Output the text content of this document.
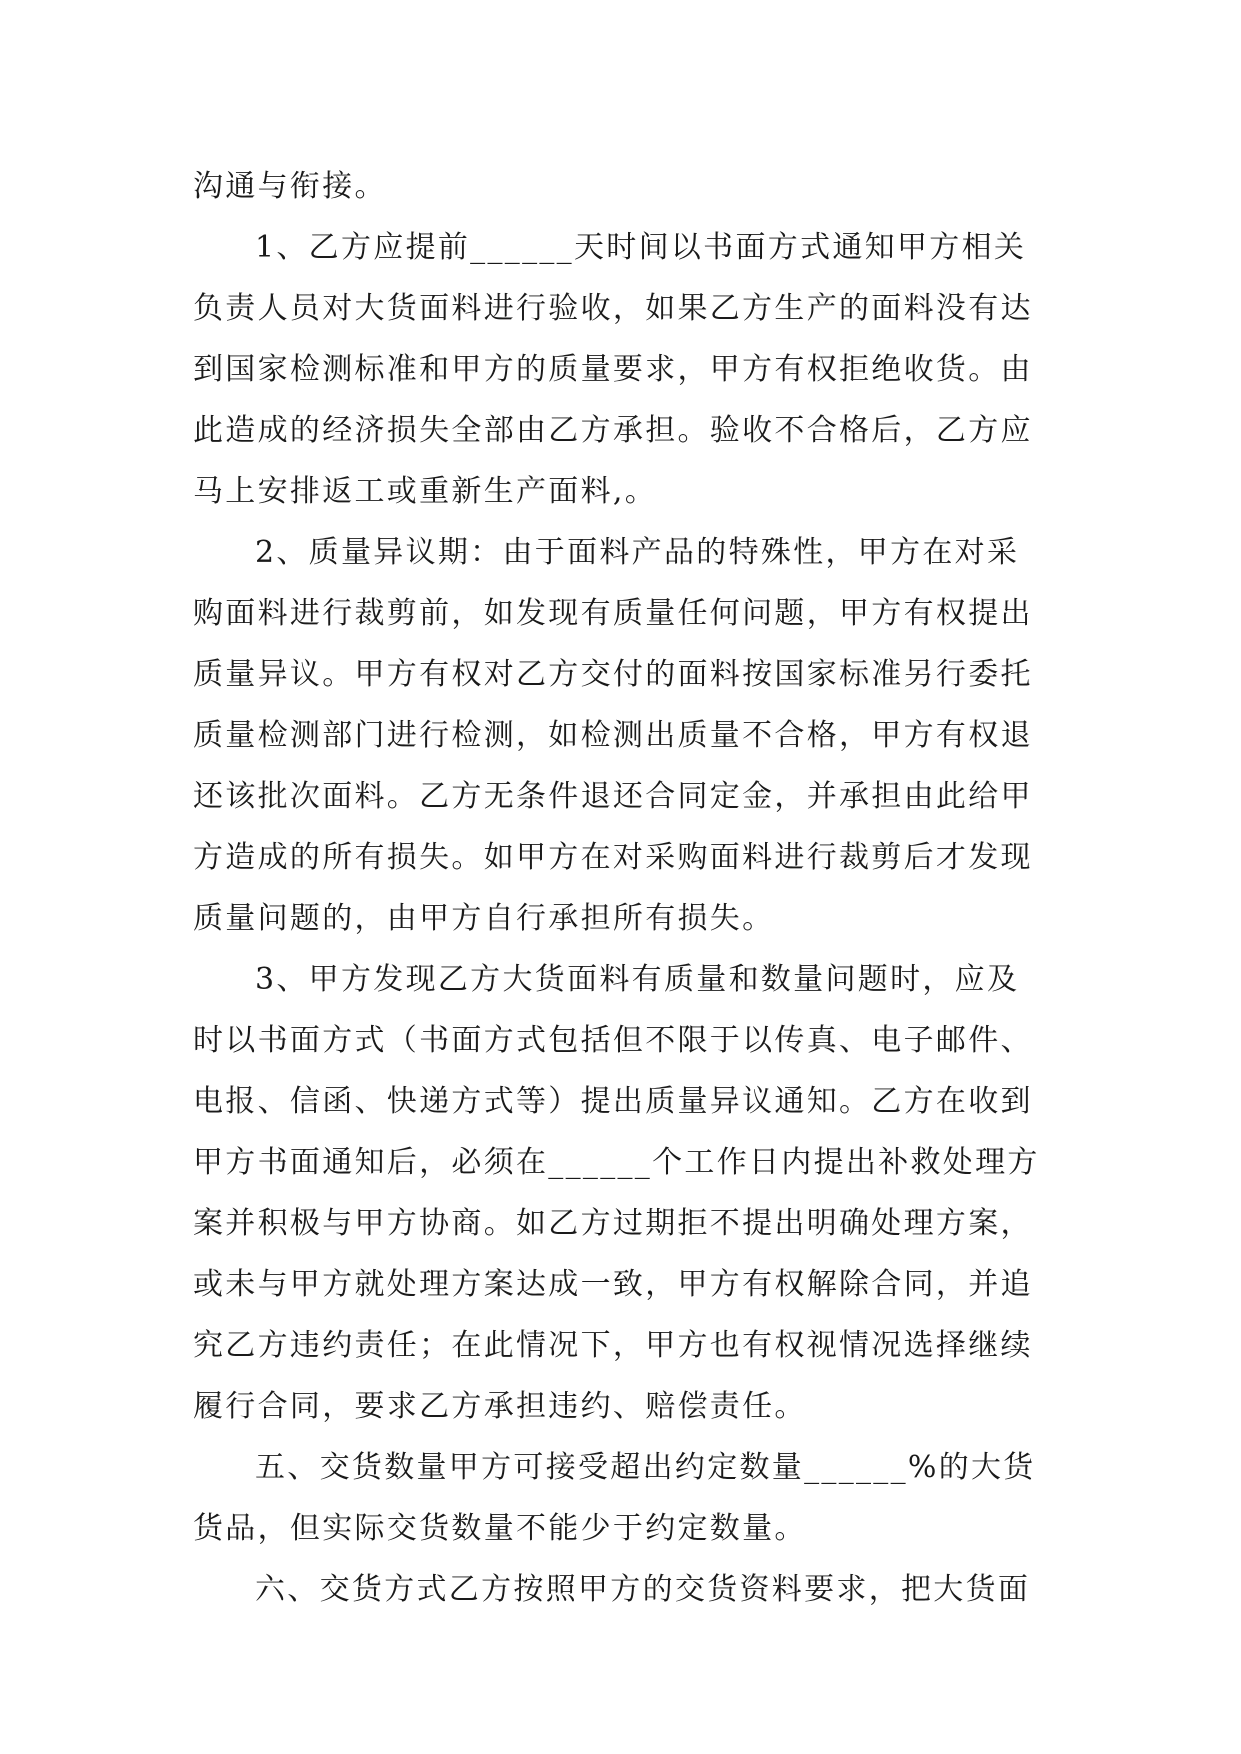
沟通与衔接。
1、乙方应提前______天时间以书面方式通知甲方相关
负责人员对大货面料进行验收，如果乙方生产的面料没有达
到国家检测标准和甲方的质量要求，甲方有权拒绝收货。由
此造成的经济损失全部由乙方承担。验收不合格后，乙方应
马上安排返工或重新生产面料,。
2、质量异议期：由于面料产品的特殊性，甲方在对采
购面料进行裁剪前，如发现有质量任何问题，甲方有权提出
质量异议。甲方有权对乙方交付的面料按国家标准另行委托
质量检测部门进行检测，如检测出质量不合格，甲方有权退
还该批次面料。乙方无条件退还合同定金，并承担由此给甲
方造成的所有损失。如甲方在对采购面料进行裁剪后才发现
质量问题的，由甲方自行承担所有损失。
3、甲方发现乙方大货面料有质量和数量问题时，应及
时以书面方式（书面方式包括但不限于以传真、电子邮件、
电报、信函、快递方式等）提出质量异议通知。乙方在收到
甲方书面通知后，必须在______个工作日内提出补救处理方
案并积极与甲方协商。如乙方过期拒不提出明确处理方案，
或未与甲方就处理方案达成一致，甲方有权解除合同，并追
究乙方违约责任；在此情况下，甲方也有权视情况选择继续
履行合同，要求乙方承担违约、赔偿责任。
五、交货数量甲方可接受超出约定数量______%的大货
货品，但实际交货数量不能少于约定数量。
六、交货方式乙方按照甲方的交货资料要求，把大货面
